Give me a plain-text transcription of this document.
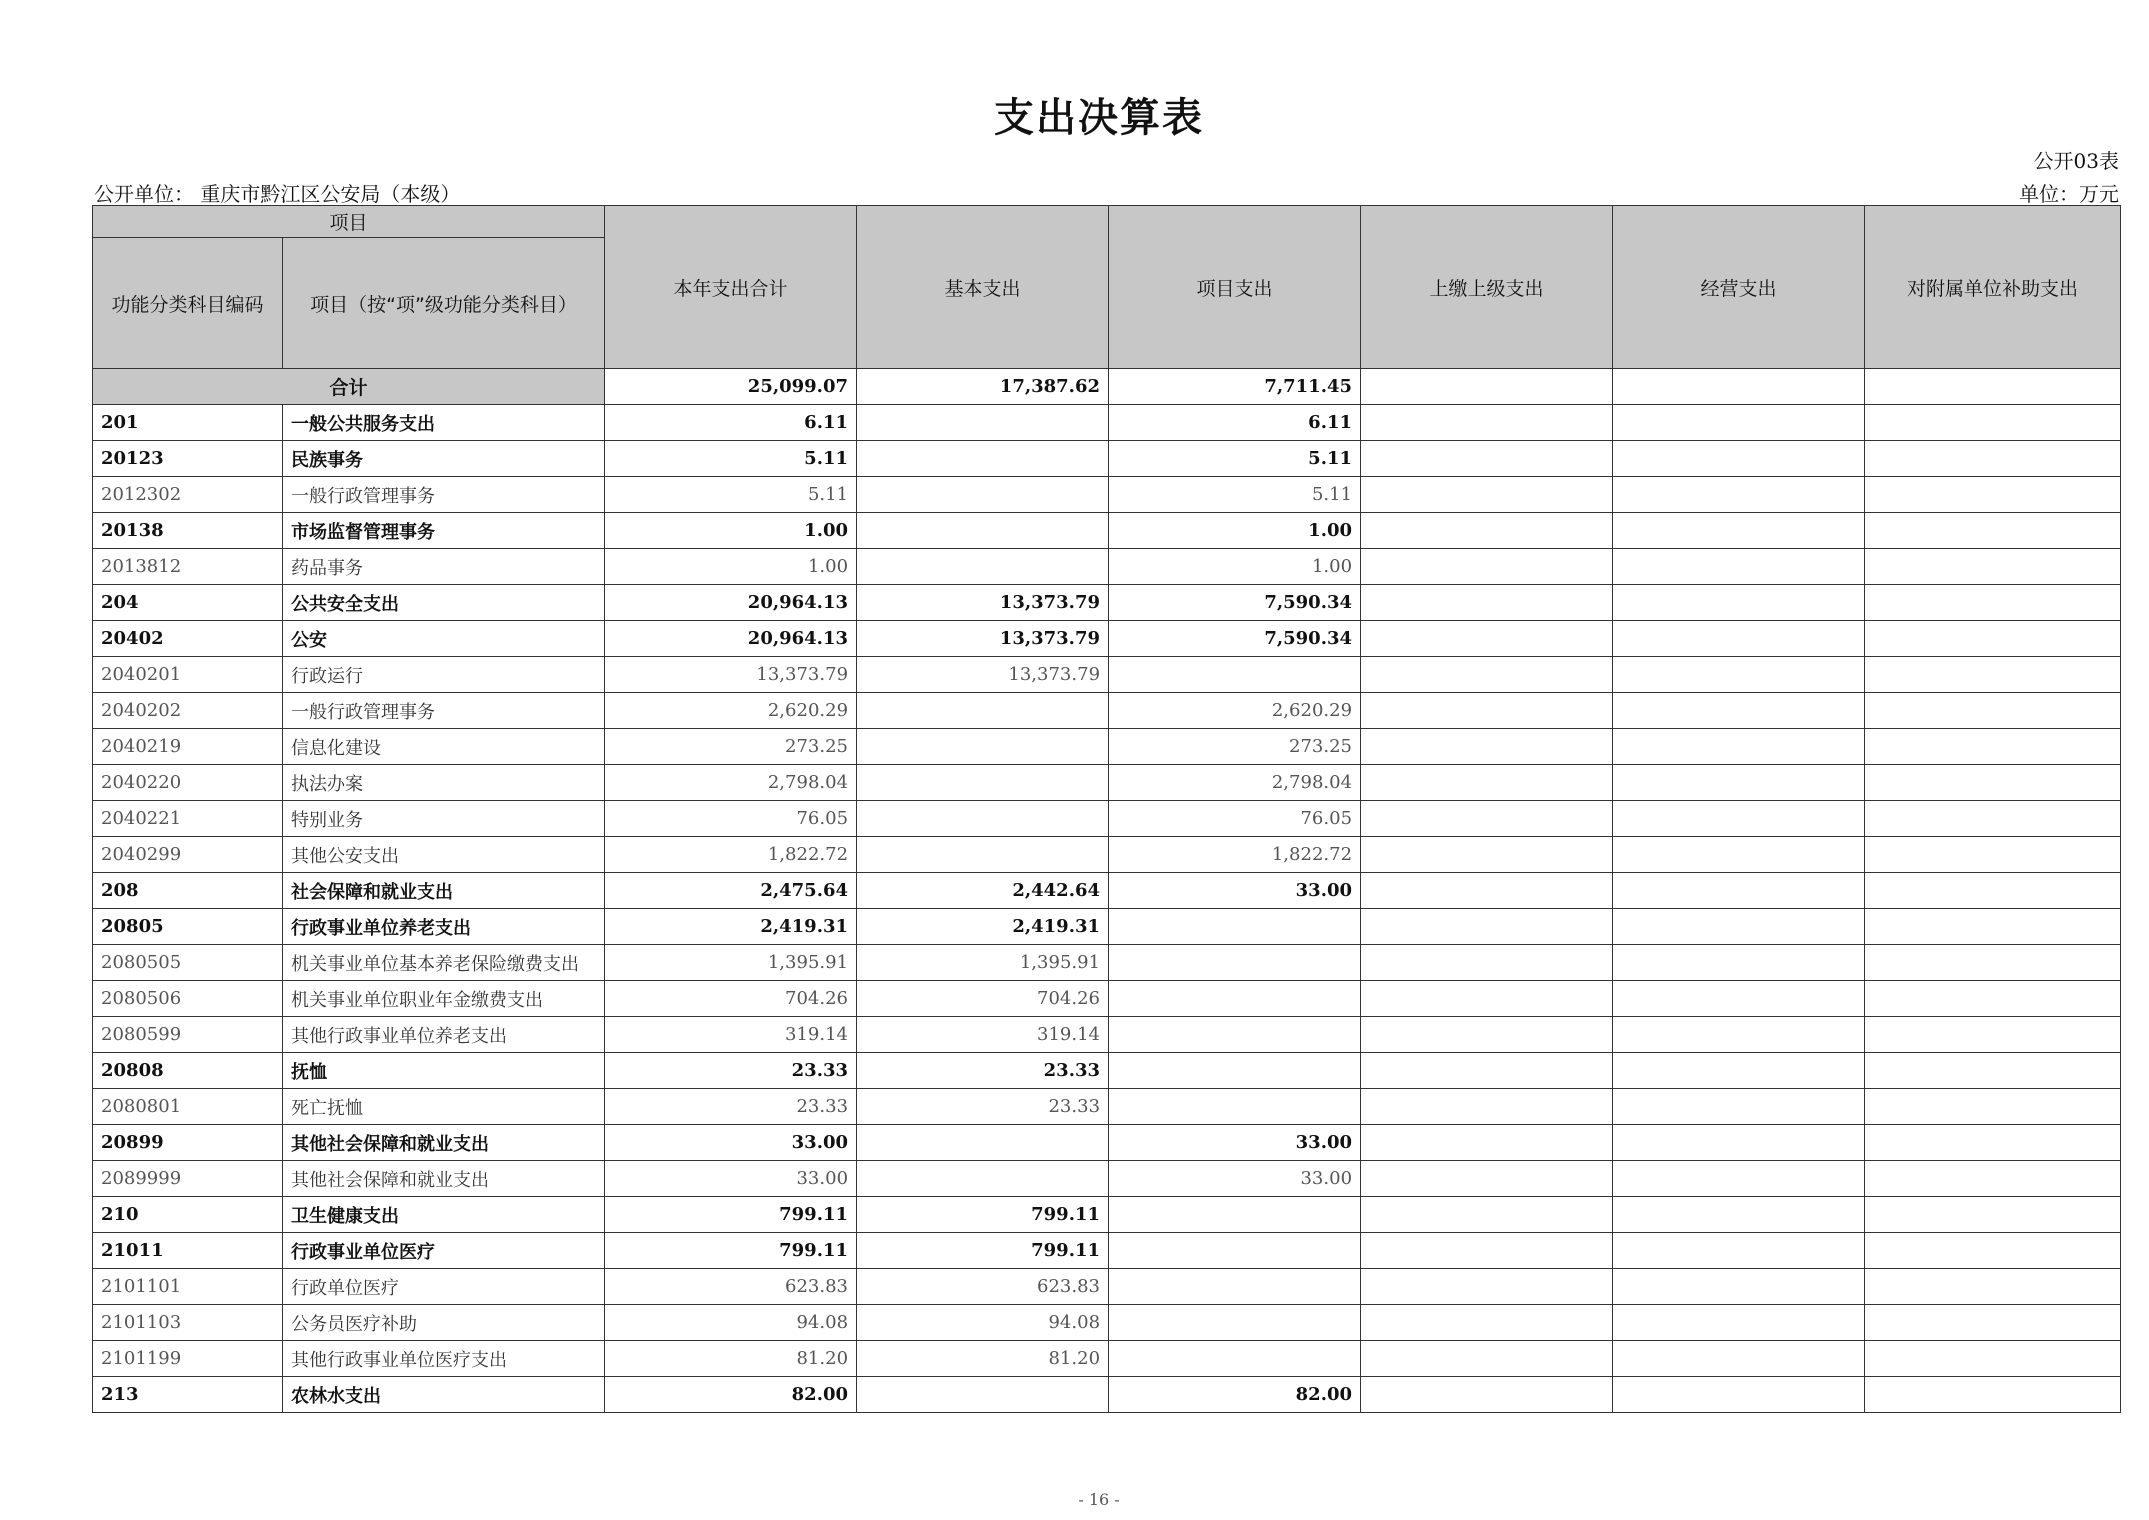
支出决算表
公开03表
公开单位： 重庆市黔江区公安局（本级）	单位：万元
项目		本年支出合计	基本支出	项目支出	上缴上级支出	经营支出	对附属单位补助支出
功能分类科目编码	项目（按“项”级功能分类科目）						
合计		25,099.07	17,387.62	7,711.45			
201	一般公共服务支出	6.11		6.11			
20123	民族事务	5.11		5.11			
2012302	一般行政管理事务	5.11		5.11			
20138	市场监督管理事务	1.00		1.00			
2013812	药品事务	1.00		1.00			
204	公共安全支出	20,964.13	13,373.79	7,590.34			
20402	公安	20,964.13	13,373.79	7,590.34			
2040201	行政运行	13,373.79	13,373.79				
2040202	一般行政管理事务	2,620.29		2,620.29			
2040219	信息化建设	273.25		273.25			
2040220	执法办案	2,798.04		2,798.04			
2040221	特别业务	76.05		76.05			
2040299	其他公安支出	1,822.72		1,822.72			
208	社会保障和就业支出	2,475.64	2,442.64	33.00			
20805	行政事业单位养老支出	2,419.31	2,419.31				
2080505	机关事业单位基本养老保险缴费支出	1,395.91	1,395.91				
2080506	机关事业单位职业年金缴费支出	704.26	704.26				
2080599	其他行政事业单位养老支出	319.14	319.14				
20808	抚恤	23.33	23.33				
2080801	死亡抚恤	23.33	23.33				
20899	其他社会保障和就业支出	33.00		33.00			
2089999	其他社会保障和就业支出	33.00		33.00			
210	卫生健康支出	799.11	799.11				
21011	行政事业单位医疗	799.11	799.11				
2101101	行政单位医疗	623.83	623.83				
2101103	公务员医疗补助	94.08	94.08				
2101199	其他行政事业单位医疗支出	81.20	81.20				
213	农林水支出	82.00		82.00			
- 16 -
